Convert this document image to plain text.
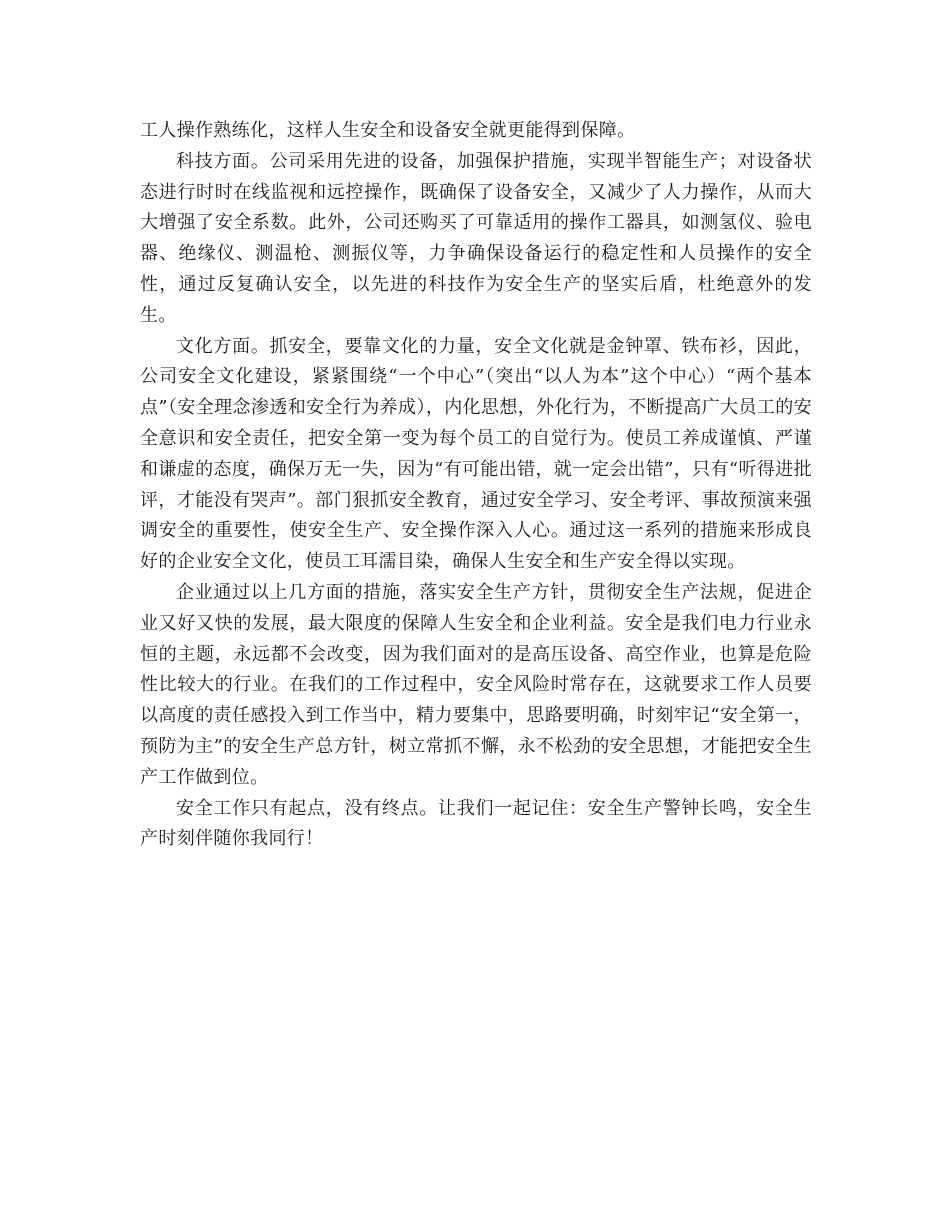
工人操作熟练化，这样人生安全和设备安全就更能得到保障。

科技方面。公司采用先进的设备，加强保护措施，实现半智能生产；对设备状态进行时时在线监视和远控操作，既确保了设备安全，又减少了人力操作，从而大大增强了安全系数。此外，公司还购买了可靠适用的操作工器具，如测氢仪、验电器、绝缘仪、测温枪、测振仪等，力争确保设备运行的稳定性和人员操作的安全性，通过反复确认安全，以先进的科技作为安全生产的坚实后盾，杜绝意外的发生。

文化方面。抓安全，要靠文化的力量，安全文化就是金钟罩、铁布衫，因此，公司安全文化建设，紧紧围绕“一个中心”（突出“以人为本”这个中心）“两个基本点”（安全理念渗透和安全行为养成），内化思想，外化行为，不断提高广大员工的安全意识和安全责任，把安全第一变为每个员工的自觉行为。使员工养成谨慎、严谨和谦虚的态度，确保万无一失，因为“有可能出错，就一定会出错”，只有“听得进批评，才能没有哭声”。部门狠抓安全教育，通过安全学习、安全考评、事故预演来强调安全的重要性，使安全生产、安全操作深入人心。通过这一系列的措施来形成良好的企业安全文化，使员工耳濡目染，确保人生安全和生产安全得以实现。

企业通过以上几方面的措施，落实安全生产方针，贯彻安全生产法规，促进企业又好又快的发展，最大限度的保障人生安全和企业利益。安全是我们电力行业永恒的主题，永远都不会改变，因为我们面对的是高压设备、高空作业，也算是危险性比较大的行业。在我们的工作过程中，安全风险时常存在，这就要求工作人员要以高度的责任感投入到工作当中，精力要集中，思路要明确，时刻牢记“安全第一，预防为主”的安全生产总方针，树立常抓不懈，永不松劲的安全思想，才能把安全生产工作做到位。

安全工作只有起点，没有终点。让我们一起记住：安全生产警钟长鸣，安全生产时刻伴随你我同行！
